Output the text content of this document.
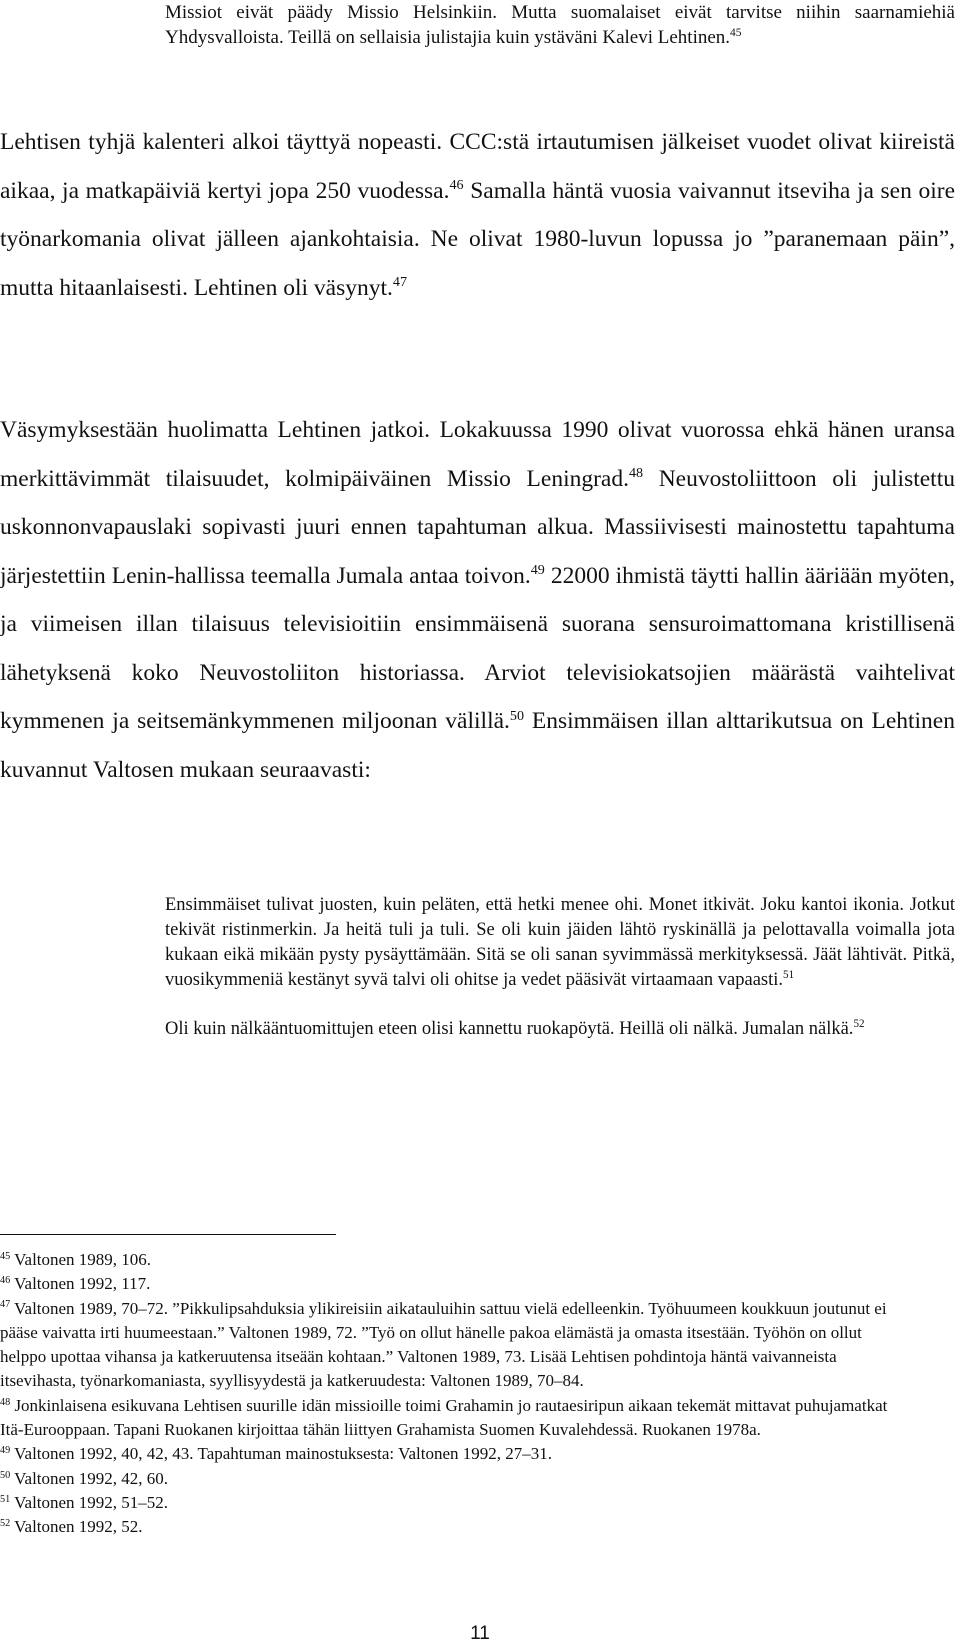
Missiot eivät päädy Missio Helsinkiin. Mutta suomalaiset eivät tarvitse niihin saarnamiehiä Yhdysvalloista. Teillä on sellaisia julistajia kuin ystäväni Kalevi Lehtinen.$^{45}$
Lehtisen tyhjä kalenteri alkoi täyttyä nopeasti. CCC:stä irtautumisen jälkeiset vuodet olivat kiireistä aikaa, ja matkapäiviä kertyi jopa 250 vuodessa.$^{46}$ Samalla häntä vuosia vaivannut itseviha ja sen oire työnarkomania olivat jälleen ajankohtaisia. Ne olivat 1980-luvun lopussa jo ”paranemaan päin”, mutta hitaanlaisesti. Lehtinen oli väsynyt.$^{47}$
Väsymyksestään huolimatta Lehtinen jatkoi. Lokakuussa 1990 olivat vuorossa ehkä hänen uransa merkittävimmät tilaisuudet, kolmipäiväinen Missio Leningrad.$^{48}$ Neuvostoliittoon oli julistettu uskonnonvapauslaki sopivasti juuri ennen tapahtuman alkua. Massiivisesti mainostettu tapahtuma järjestettiin Lenin-hallissa teemalla Jumala antaa toivon.$^{49}$ 22000 ihmistä täytti hallin ääriään myöten, ja viimeisen illan tilaisuus televisioitiin ensimmäisenä suorana sensuroimattomana kristillisenä lähetyksenä koko Neuvostoliiton historiassa. Arviot televisiokatsojien määrästä vaihtelivat kymmenen ja seitsemänkymmenen miljoonan välillä.$^{50}$ Ensimmäisen illan alttarikutsua on Lehtinen kuvannut Valtosen mukaan seuraavasti:
Ensimmäiset tulivat juosten, kuin peläten, että hetki menee ohi. Monet itkivät. Joku kantoi ikonia. Jotkut tekivät ristinmerkin. Ja heitä tuli ja tuli. Se oli kuin jäiden lähtö ryskinällä ja pelottavalla voimalla jota kukaan eikä mikään pysty pysäyttämään. Sitä se oli sanan syvimmässä merkityksessä. Jäät lähtivät. Pitkä, vuosikymmeniä kestänyt syvä talvi oli ohitse ja vedet pääsivät virtaamaan vapaasti.$^{51}$
Oli kuin nälkääntuomittujen eteen olisi kannettu ruokapöytä. Heillä oli nälkä. Jumalan nälkä.$^{52}$

$^{45}$ Valtonen 1989, 106.

$^{46}$ Valtonen 1992, 117.

$^{47}$ Valtonen 1989, 70–72. ”Pikkulipsahduksia ylikireisiin aikatauluihin sattuu vielä edelleenkin. Työhuumeen koukkuun joutunut ei pääse vaivatta irti huumeestaan.” Valtonen 1989, 72. ”Työ on ollut hänelle pakoa elämästä ja omasta itsestään. Työhön on ollut helppo upottaa vihansa ja katkeruutensa itseään kohtaan.” Valtonen 1989, 73. Lisää Lehtisen pohdintoja häntä vaivanneista itsevihasta, työnarkomaniasta, syyllisyydestä ja katkeruudesta: Valtonen 1989, 70–84.

$^{48}$ Jonkinlaisena esikuvana Lehtisen suurille idän missioille toimi Grahamin jo rautaesiripun aikaan tekemät mittavat puhujamatkat Itä-Eurooppaan. Tapani Ruokanen kirjoittaa tähän liittyen Grahamista Suomen Kuvalehdessä. Ruokanen 1978a.

$^{49}$ Valtonen 1992, 40, 42, 43. Tapahtuman mainostuksesta: Valtonen 1992, 27–31.

$^{50}$ Valtonen 1992, 42, 60.

$^{51}$ Valtonen 1992, 51–52.

$^{52}$ Valtonen 1992, 52.

11
